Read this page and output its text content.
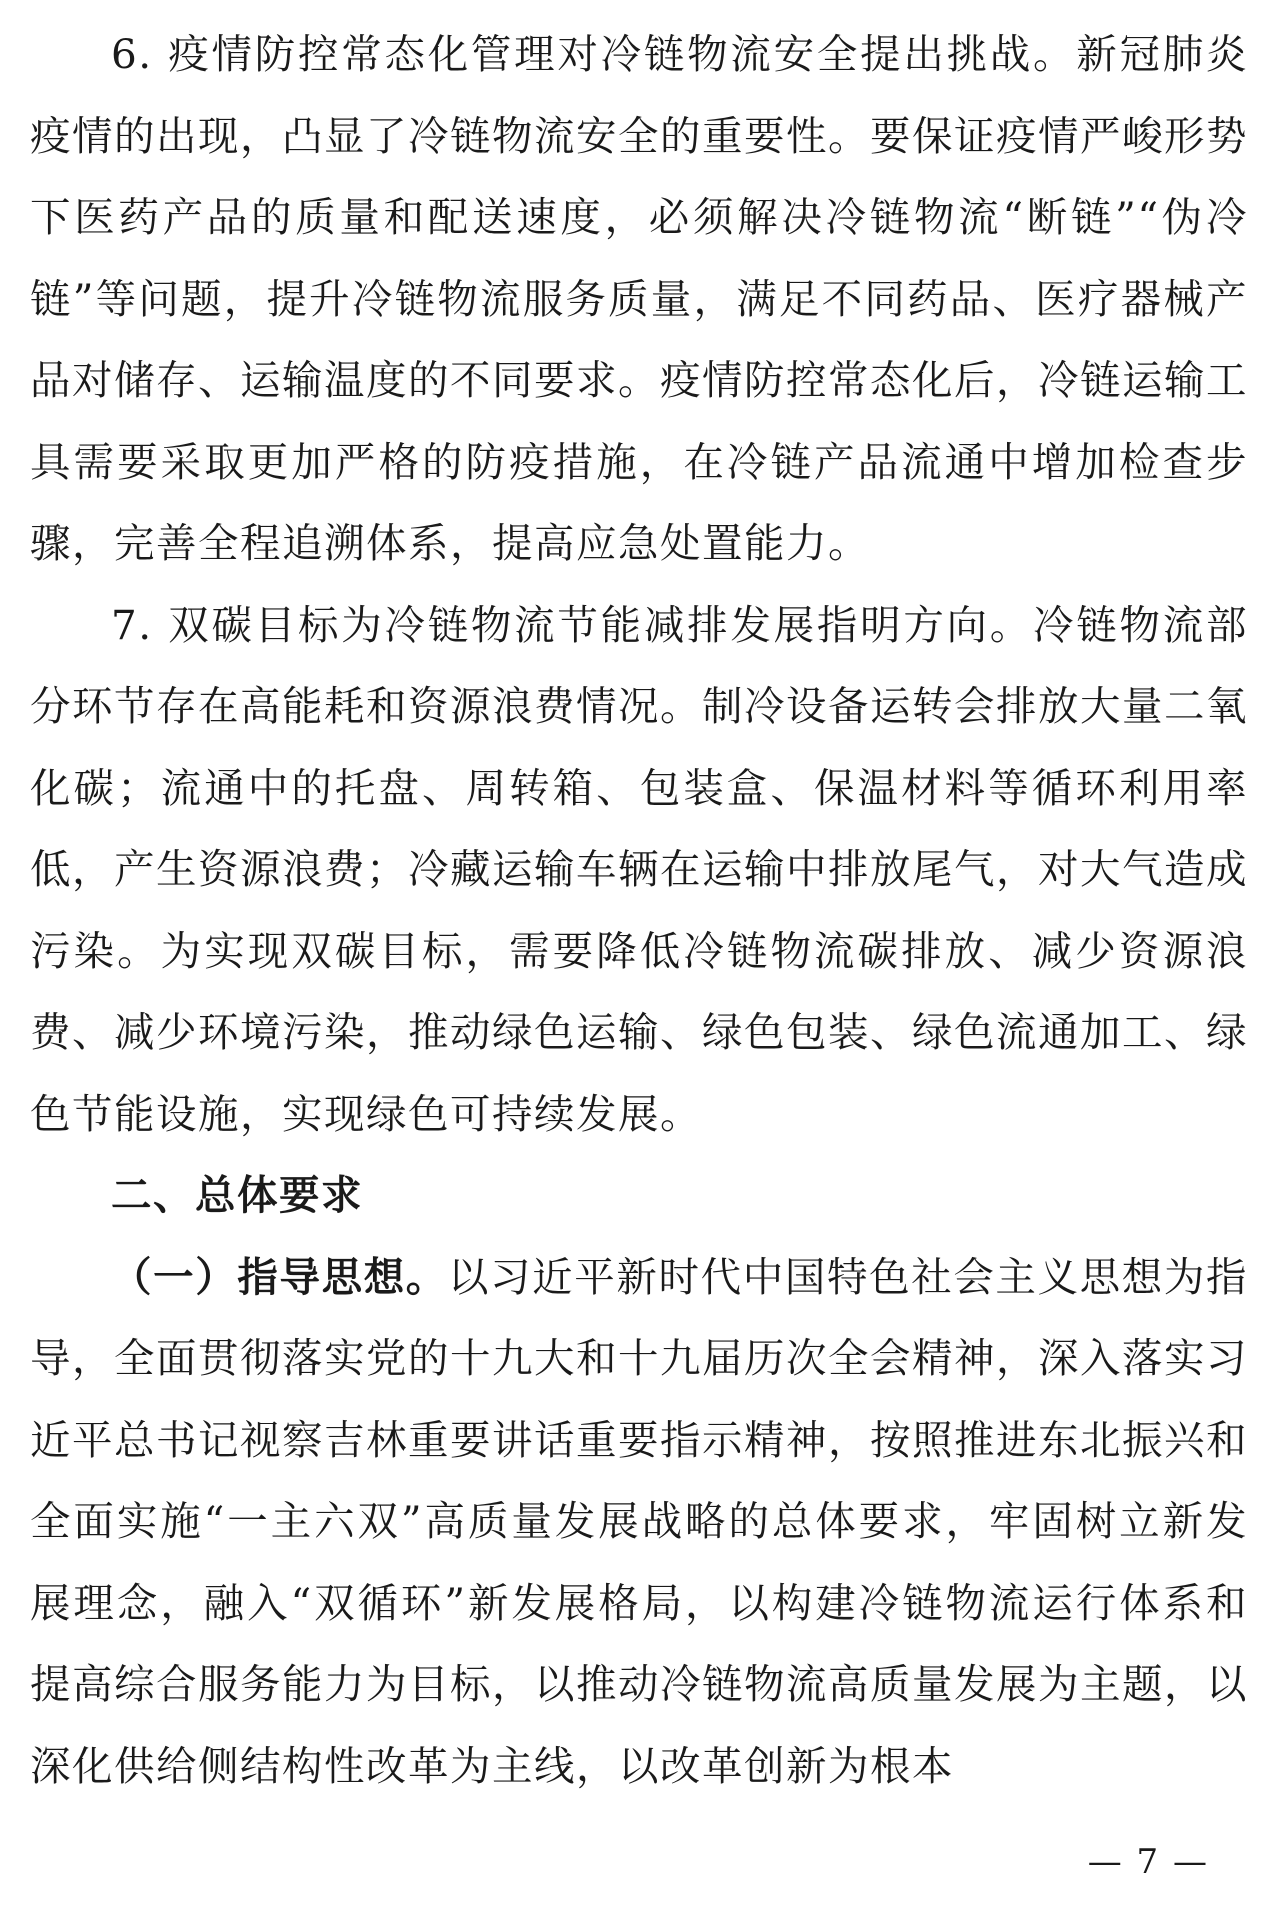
6. 疫情防控常态化管理对冷链物流安全提出挑战。新冠肺炎疫情的出现，凸显了冷链物流安全的重要性。要保证疫情严峻形势下医药产品的质量和配送速度，必须解决冷链物流“断链”“伪冷链”等问题，提升冷链物流服务质量，满足不同药品、医疗器械产品对储存、运输温度的不同要求。疫情防控常态化后，冷链运输工具需要采取更加严格的防疫措施，在冷链产品流通中增加检查步骤，完善全程追溯体系，提高应急处置能力。

7. 双碳目标为冷链物流节能减排发展指明方向。冷链物流部分环节存在高能耗和资源浪费情况。制冷设备运转会排放大量二氧化碳；流通中的托盘、周转箱、包装盒、保温材料等循环利用率低，产生资源浪费；冷藏运输车辆在运输中排放尾气，对大气造成污染。为实现双碳目标，需要降低冷链物流碳排放、减少资源浪费、减少环境污染，推动绿色运输、绿色包装、绿色流通加工、绿色节能设施，实现绿色可持续发展。

二、总体要求

（一）指导思想。以习近平新时代中国特色社会主义思想为指导，全面贯彻落实党的十九大和十九届历次全会精神，深入落实习近平总书记视察吉林重要讲话重要指示精神，按照推进东北振兴和全面实施“一主六双”高质量发展战略的总体要求，牢固树立新发展理念，融入“双循环”新发展格局，以构建冷链物流运行体系和提高综合服务能力为目标，以推动冷链物流高质量发展为主题，以深化供给侧结构性改革为主线，以改革创新为根本

— 7 —
